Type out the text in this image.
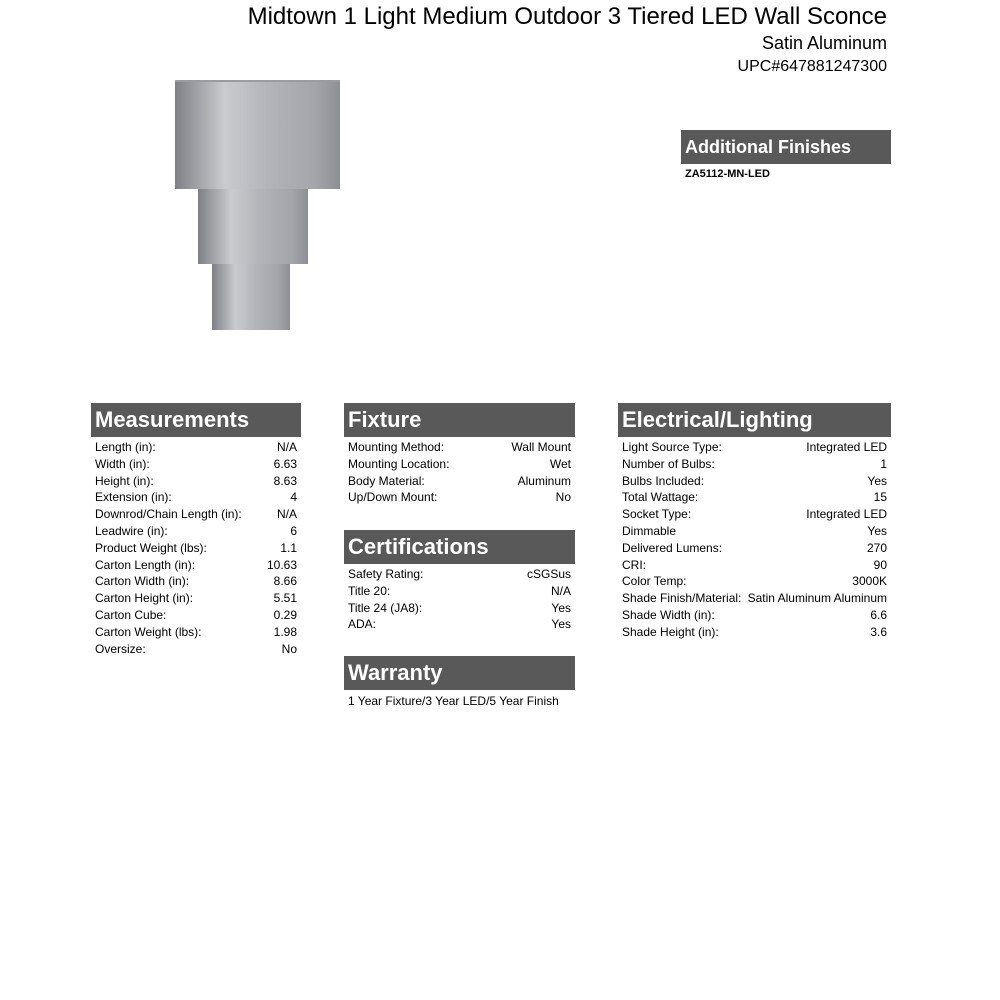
Midtown 1 Light Medium Outdoor 3 Tiered LED Wall Sconce
Satin Aluminum
UPC#647881247300
Additional Finishes
ZA5112-MN-LED
Measurements
Length (in):	N/A
Width (in):	6.63
Height (in):	8.63
Extension (in):	4
Downrod/Chain Length (in):	N/A
Leadwire (in):	6
Product Weight (lbs):	1.1
Carton Length (in):	10.63
Carton Width (in):	8.66
Carton Height (in):	5.51
Carton Cube:	0.29
Carton Weight (lbs):	1.98
Oversize:	No
Fixture
Mounting Method:	Wall Mount
Mounting Location:	Wet
Body Material:	Aluminum
Up/Down Mount:	No
Certifications
Safety Rating:	cSGSus
Title 20:	N/A
Title 24 (JA8):	Yes
ADA:	Yes
Warranty
1 Year Fixture/3 Year LED/5 Year Finish
Electrical/Lighting
Light Source Type:	Integrated LED
Number of Bulbs:	1
Bulbs Included:	Yes
Total Wattage:	15
Socket Type:	Integrated LED
Dimmable	Yes
Delivered Lumens:	270
CRI:	90
Color Temp:	3000K
Shade Finish/Material: Satin Aluminum Aluminum
Shade Width (in):	6.6
Shade Height (in):	3.6
